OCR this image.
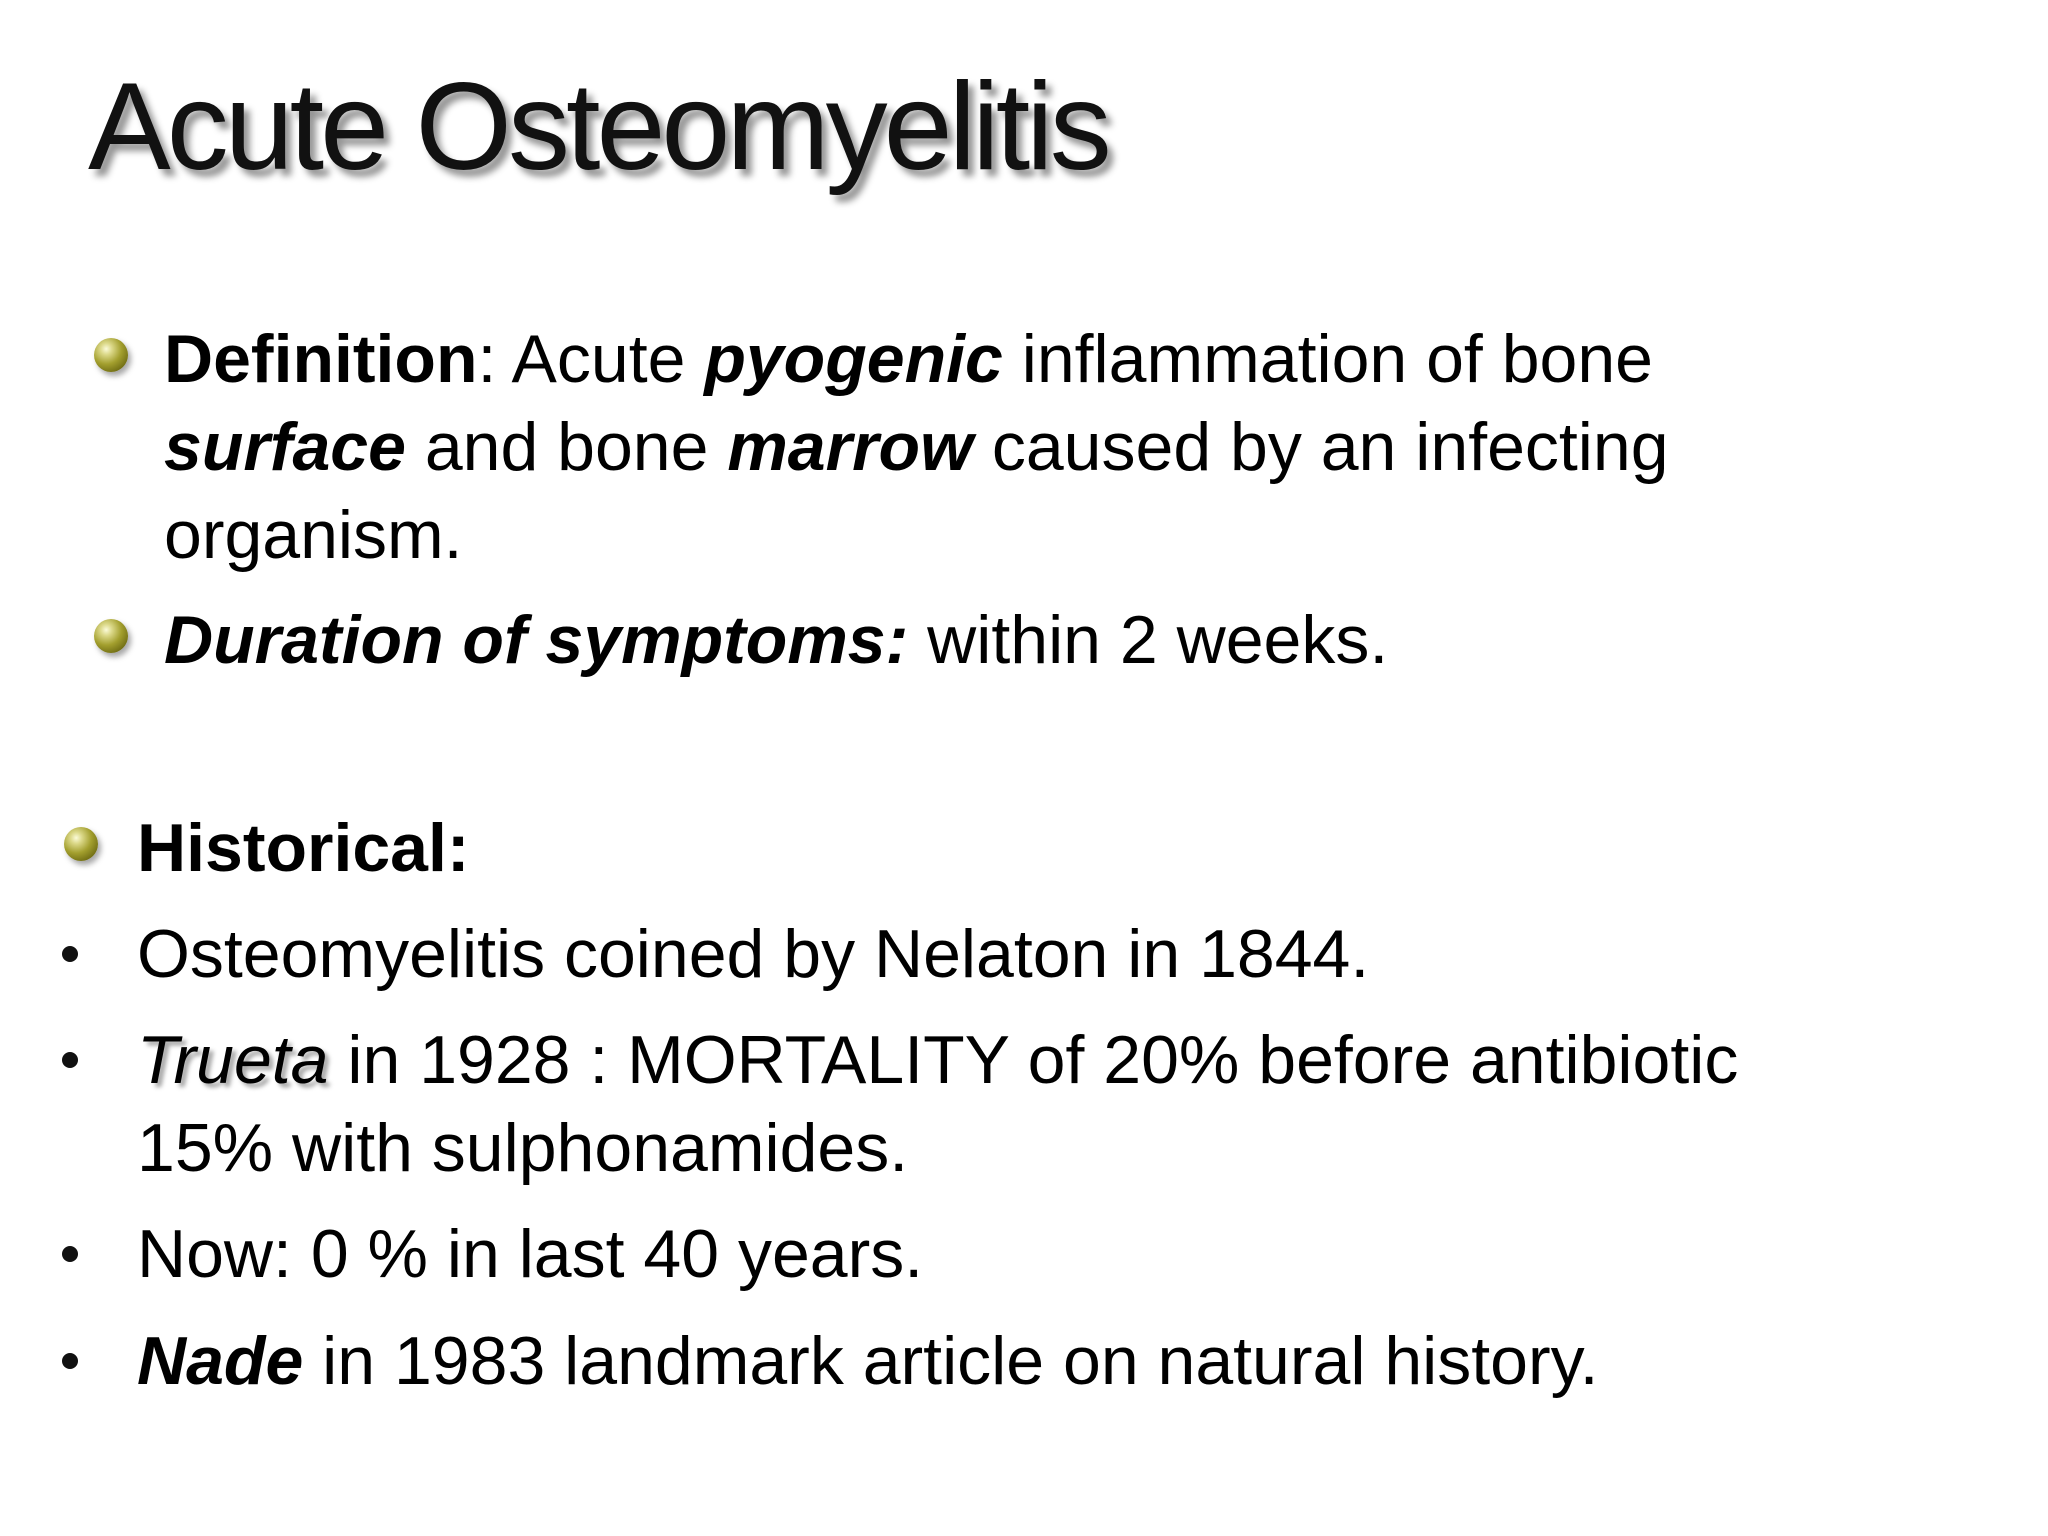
Acute Osteomyelitis
Definition: Acute pyogenic inflammation of bone
surface and bone marrow caused by an infecting
organism.
Duration of symptoms: within 2 weeks.
Historical:
Osteomyelitis coined by Nelaton in 1844.
Trueta in 1928 : MORTALITY of 20% before antibiotic
15% with sulphonamides.
Now: 0 % in last 40 years.
Nade in 1983 landmark article on natural history.
